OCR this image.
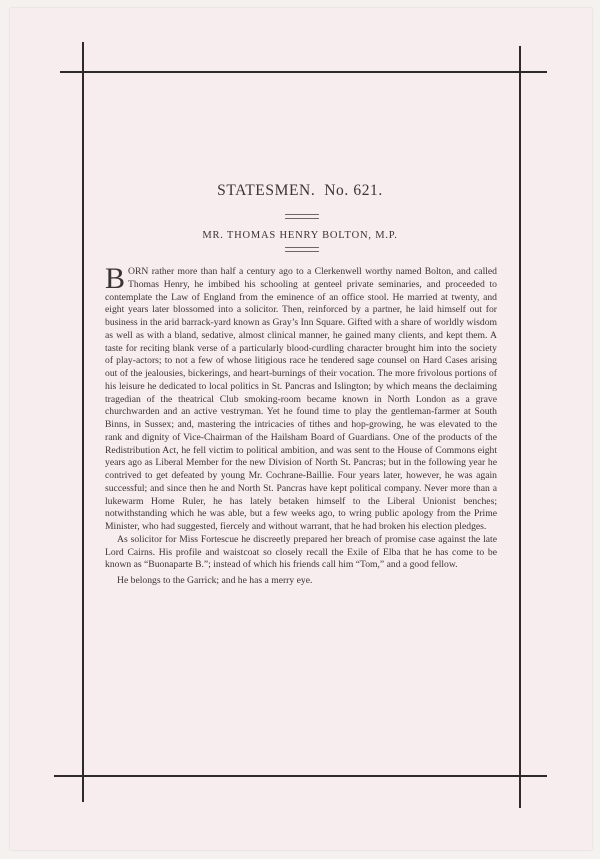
STATESMEN.  No. 621.
MR. THOMAS HENRY BOLTON, M.P.

BORN rather more than half a century ago to a Clerkenwell worthy named Bolton, and called Thomas Henry, he imbibed his schooling at genteel private seminaries, and proceeded to contemplate the Law of England from the eminence of an office stool. He married at twenty, and eight years later blossomed into a solicitor. Then, reinforced by a partner, he laid himself out for business in the arid barrack-yard known as Gray’s Inn Square. Gifted with a share of worldly wisdom as well as with a bland, sedative, almost clinical manner, he gained many clients, and kept them. A taste for reciting blank verse of a particularly blood-curdling character brought him into the society of play-actors; to not a few of whose litigious race he tendered sage counsel on Hard Cases arising out of the jealousies, bickerings, and heart-burnings of their vocation. The more frivolous portions of his leisure he dedicated to local politics in St. Pancras and Islington; by which means the declaiming tragedian of the theatrical Club smoking-room became known in North London as a grave churchwarden and an active vestryman. Yet he found time to play the gentleman-farmer at South Binns, in Sussex; and, mastering the intricacies of tithes and hop-growing, he was elevated to the rank and dignity of Vice-Chairman of the Hailsham Board of Guardians. One of the products of the Redistribution Act, he fell victim to political ambition, and was sent to the House of Commons eight years ago as Liberal Member for the new Division of North St. Pancras; but in the following year he contrived to get defeated by young Mr. Cochrane-Baillie. Four years later, however, he was again successful; and since then he and North St. Pancras have kept political company. Never more than a lukewarm Home Ruler, he has lately betaken himself to the Liberal Unionist benches; notwithstanding which he was able, but a few weeks ago, to wring public apology from the Prime Minister, who had suggested, fiercely and without warrant, that he had broken his election pledges.

As solicitor for Miss Fortescue he discreetly prepared her breach of promise case against the late Lord Cairns. His profile and waistcoat so closely recall the Exile of Elba that he has come to be known as “Buonaparte B.”; instead of which his friends call him “Tom,” and a good fellow.

He belongs to the Garrick; and he has a merry eye.
